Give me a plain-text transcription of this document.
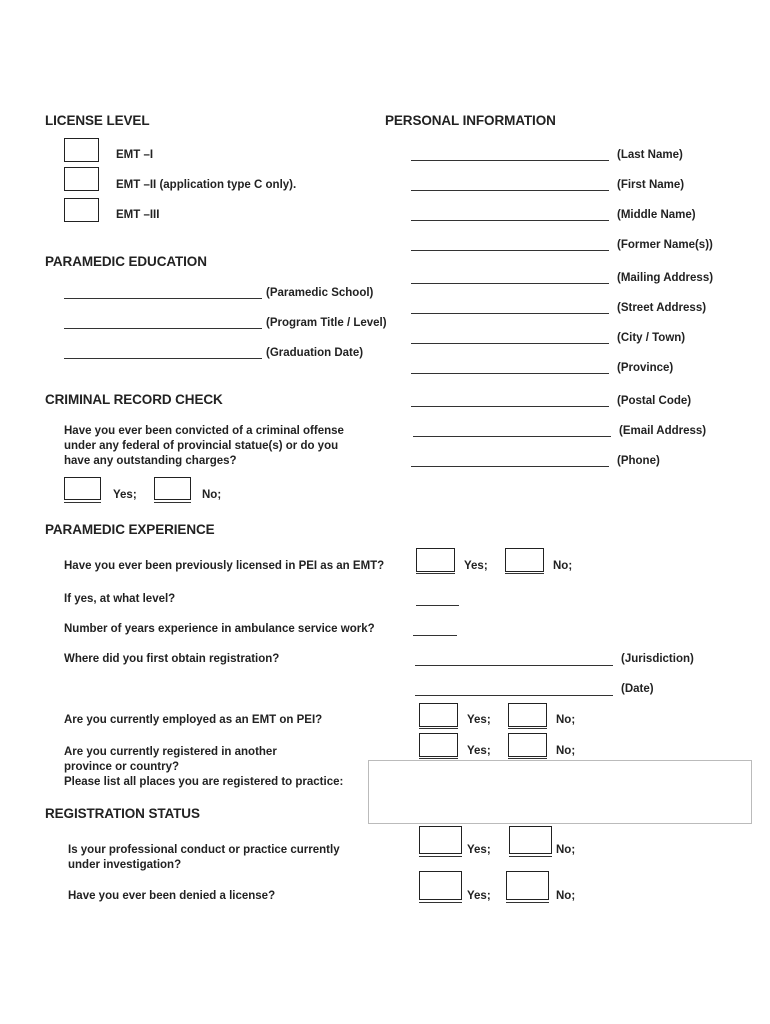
LICENSE LEVEL
EMT –I
EMT –II (application type C only).
EMT –III
PERSONAL INFORMATION
(Last Name)
(First Name)
(Middle Name)
(Former Name(s))
(Mailing Address)
(Street Address)
(City / Town)
(Province)
(Postal Code)
(Email Address)
(Phone)
PARAMEDIC EDUCATION
(Paramedic School)
(Program Title / Level)
(Graduation Date)
CRIMINAL RECORD CHECK
Have you ever been convicted of a criminal offense
under any federal of provincial statue(s) or do you
have any outstanding charges?
Yes;	No;
PARAMEDIC EXPERIENCE
Have you ever been previously licensed in PEI as an EMT?	Yes;	No;
If yes, at what level?
Number of years experience in ambulance service work?
Where did you first obtain registration?	(Jurisdiction)
(Date)
Are you currently employed as an EMT on PEI?	Yes;	No;
Are you currently registered in another
province or country?
Please list all places you are registered to practice:
Yes;	No;
REGISTRATION STATUS
Is your professional conduct or practice currently
under investigation?
Yes;	No;
Have you ever been denied a license?	Yes;	No;
